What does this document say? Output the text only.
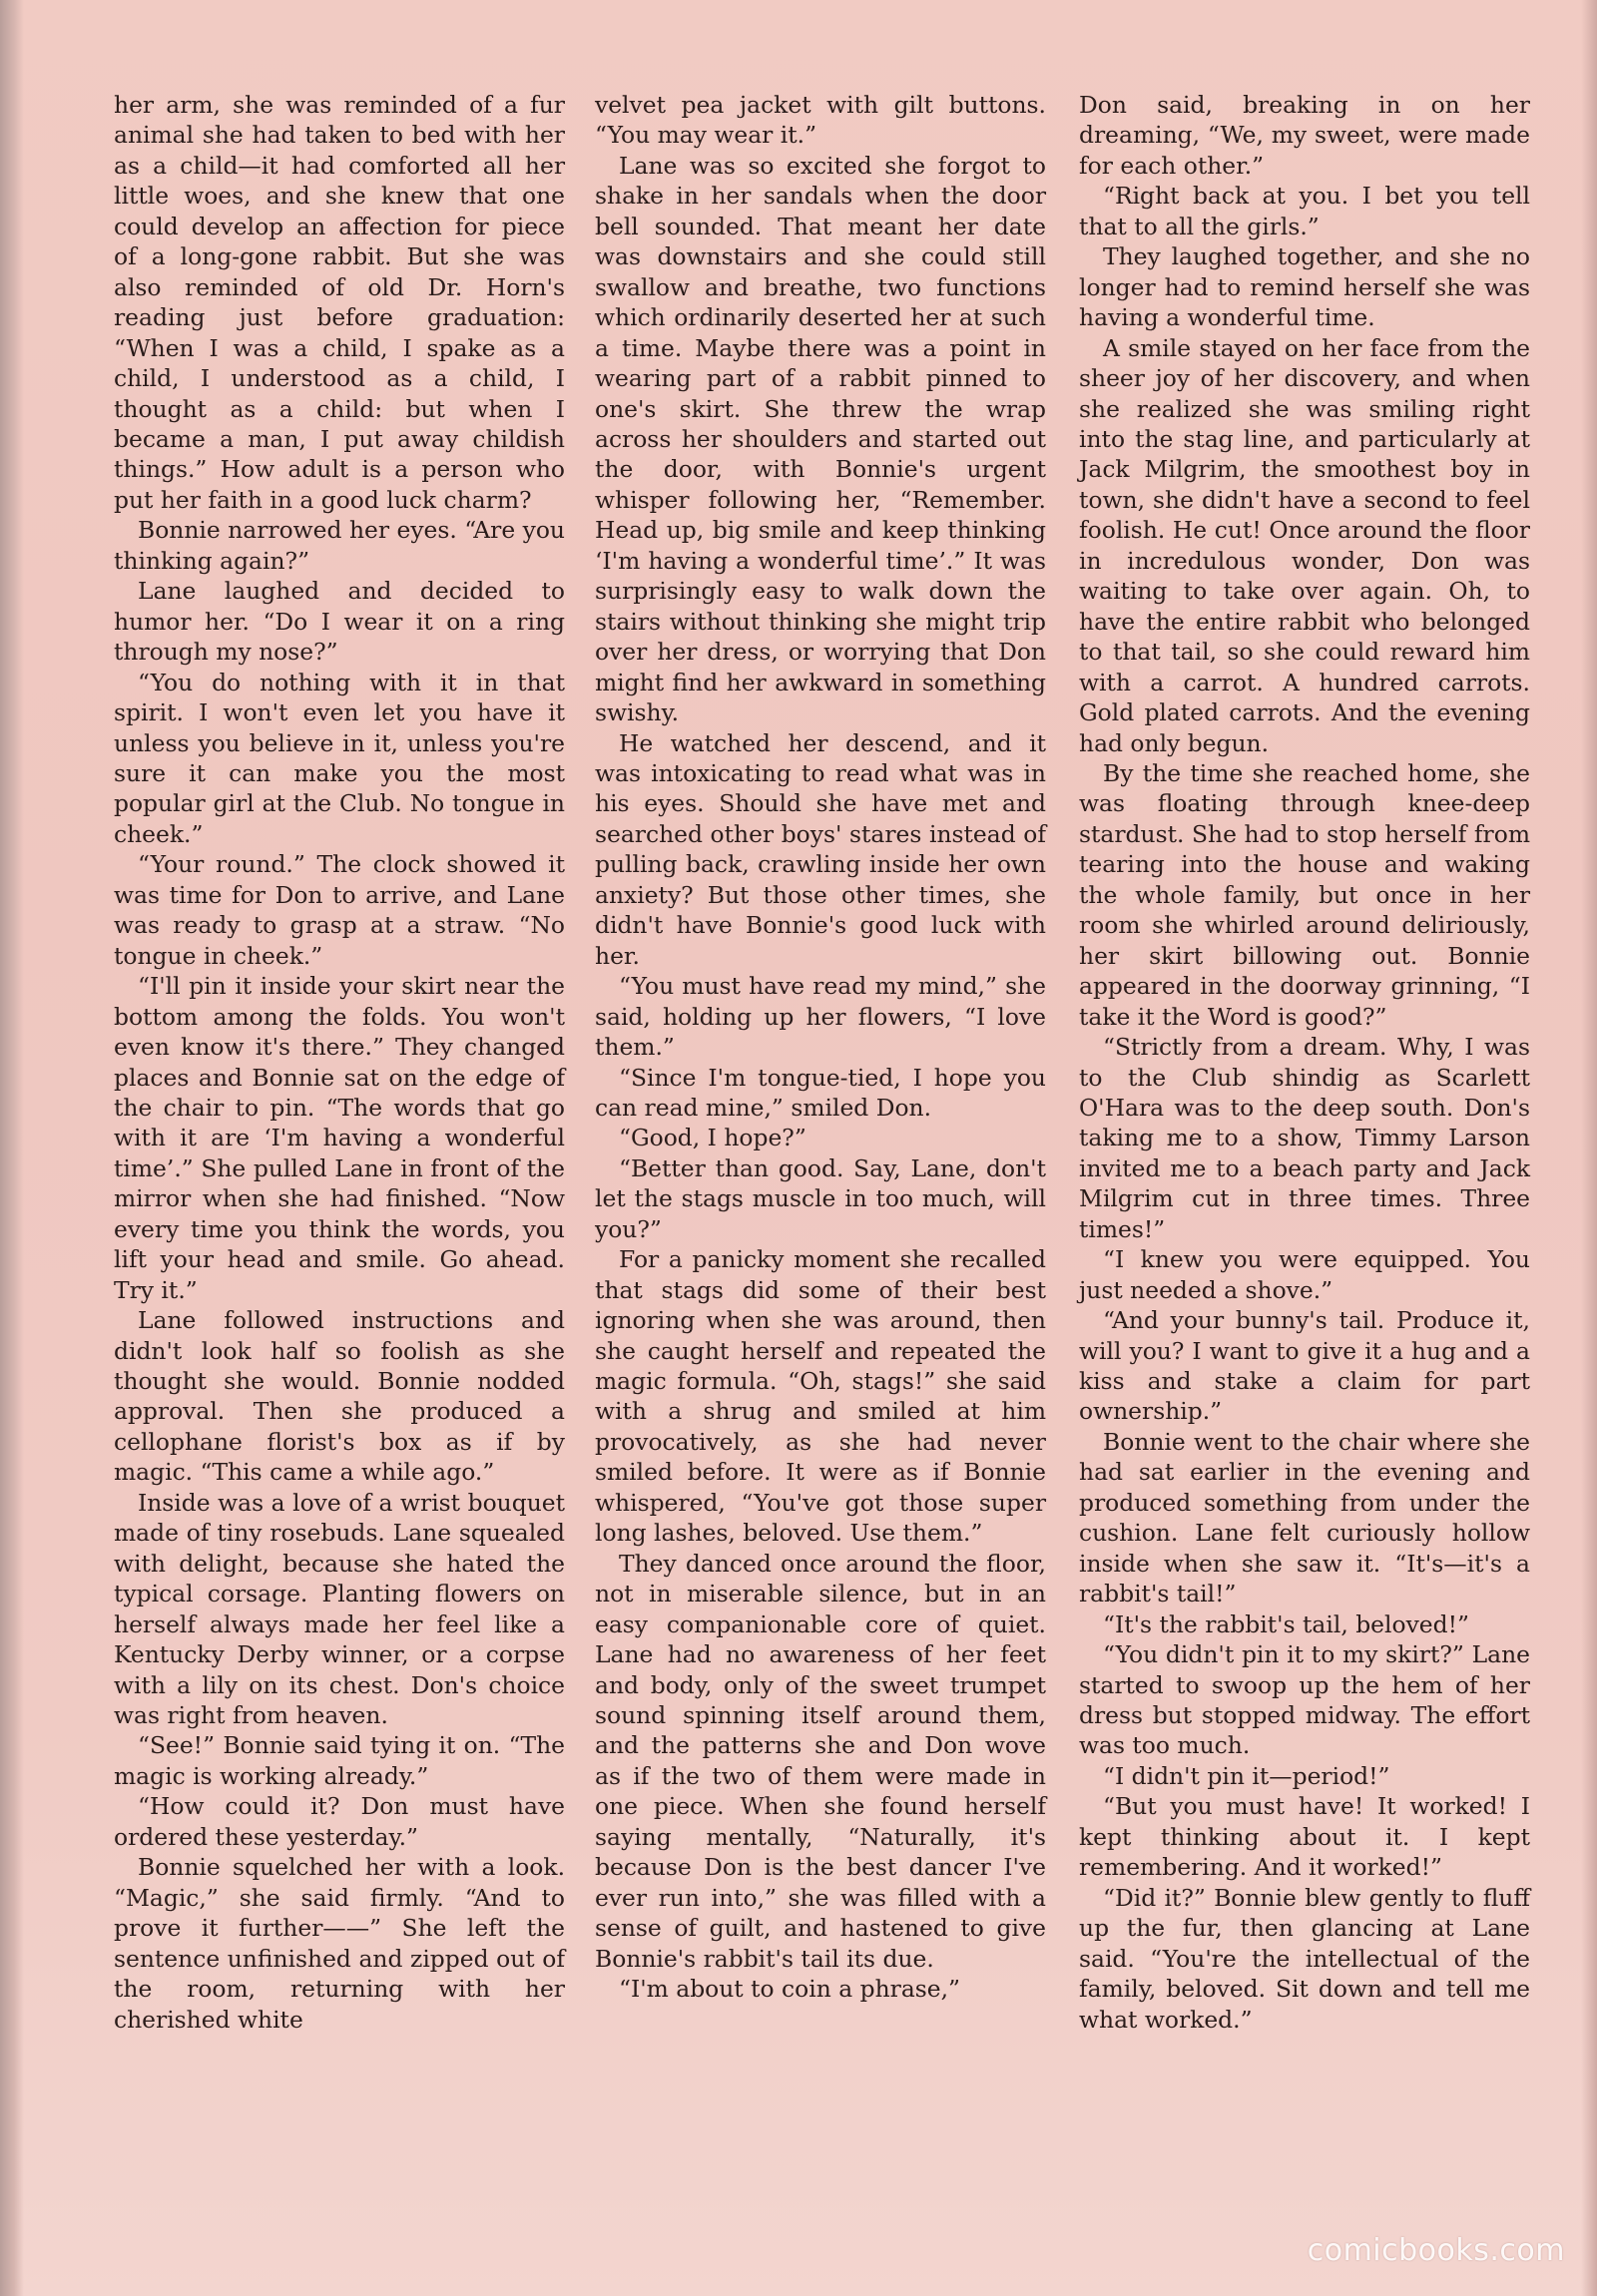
her arm, she was reminded of a fur animal she had taken to bed with her as a child—it had comforted all her little woes, and she knew that one could develop an affection for piece of a long-gone rabbit. But she was also reminded of old Dr. Horn's reading just before graduation: “When I was a child, I spake as a child, I understood as a child, I thought as a child: but when I became a man, I put away childish things.” How adult is a person who put her faith in a good luck charm?

Bonnie narrowed her eyes. “Are you thinking again?”

Lane laughed and decided to humor her. “Do I wear it on a ring through my nose?”

“You do nothing with it in that spirit. I won't even let you have it unless you believe in it, unless you're sure it can make you the most popular girl at the Club. No tongue in cheek.”

“Your round.” The clock showed it was time for Don to arrive, and Lane was ready to grasp at a straw. “No tongue in cheek.”

“I'll pin it inside your skirt near the bottom among the folds. You won't even know it's there.” They changed places and Bonnie sat on the edge of the chair to pin. “The words that go with it are ‘I'm having a wonderful time’.” She pulled Lane in front of the mirror when she had finished. “Now every time you think the words, you lift your head and smile. Go ahead. Try it.”

Lane followed instructions and didn't look half so foolish as she thought she would. Bonnie nodded approval. Then she produced a cellophane florist's box as if by magic. “This came a while ago.”

Inside was a love of a wrist bouquet made of tiny rosebuds. Lane squealed with delight, because she hated the typical corsage. Planting flowers on herself always made her feel like a Kentucky Derby winner, or a corpse with a lily on its chest. Don's choice was right from heaven.

“See!” Bonnie said tying it on. “The magic is working already.”

“How could it? Don must have ordered these yesterday.”

Bonnie squelched her with a look. “Magic,” she said firmly. “And to prove it further——” She left the sentence unfinished and zipped out of the room, returning with her cherished white

velvet pea jacket with gilt buttons. “You may wear it.”

Lane was so excited she forgot to shake in her sandals when the door bell sounded. That meant her date was downstairs and she could still swallow and breathe, two functions which ordinarily deserted her at such a time. Maybe there was a point in wearing part of a rabbit pinned to one's skirt. She threw the wrap across her shoulders and started out the door, with Bonnie's urgent whisper following her, “Remember. Head up, big smile and keep thinking ‘I'm having a wonderful time’.” It was surprisingly easy to walk down the stairs without thinking she might trip over her dress, or worrying that Don might find her awkward in something swishy.

He watched her descend, and it was intoxicating to read what was in his eyes. Should she have met and searched other boys' stares instead of pulling back, crawling inside her own anxiety? But those other times, she didn't have Bonnie's good luck with her.

“You must have read my mind,” she said, holding up her flowers, “I love them.”

“Since I'm tongue-tied, I hope you can read mine,” smiled Don.

“Good, I hope?”

“Better than good. Say, Lane, don't let the stags muscle in too much, will you?”

For a panicky moment she recalled that stags did some of their best ignoring when she was around, then she caught herself and repeated the magic formula. “Oh, stags!” she said with a shrug and smiled at him provocatively, as she had never smiled before. It were as if Bonnie whispered, “You've got those super long lashes, beloved. Use them.”

They danced once around the floor, not in miserable silence, but in an easy companionable core of quiet. Lane had no awareness of her feet and body, only of the sweet trumpet sound spinning itself around them, and the patterns she and Don wove as if the two of them were made in one piece. When she found herself saying mentally, “Naturally, it's because Don is the best dancer I've ever run into,” she was filled with a sense of guilt, and hastened to give Bonnie's rabbit's tail its due.

“I'm about to coin a phrase,”

Don said, breaking in on her dreaming, “We, my sweet, were made for each other.”

“Right back at you. I bet you tell that to all the girls.”

They laughed together, and she no longer had to remind herself she was having a wonderful time.

A smile stayed on her face from the sheer joy of her discovery, and when she realized she was smiling right into the stag line, and particularly at Jack Milgrim, the smoothest boy in town, she didn't have a second to feel foolish. He cut! Once around the floor in incredulous wonder, Don was waiting to take over again. Oh, to have the entire rabbit who belonged to that tail, so she could reward him with a carrot. A hundred carrots. Gold plated carrots. And the evening had only begun.

By the time she reached home, she was floating through knee-deep stardust. She had to stop herself from tearing into the house and waking the whole family, but once in her room she whirled around deliriously, her skirt billowing out. Bonnie appeared in the doorway grinning, “I take it the Word is good?”

“Strictly from a dream. Why, I was to the Club shindig as Scarlett O'Hara was to the deep south. Don's taking me to a show, Timmy Larson invited me to a beach party and Jack Milgrim cut in three times. Three times!”

“I knew you were equipped. You just needed a shove.”

“And your bunny's tail. Produce it, will you? I want to give it a hug and a kiss and stake a claim for part ownership.”

Bonnie went to the chair where she had sat earlier in the evening and produced something from under the cushion. Lane felt curiously hollow inside when she saw it. “It's—it's a rabbit's tail!”

“It's the rabbit's tail, beloved!”

“You didn't pin it to my skirt?” Lane started to swoop up the hem of her dress but stopped midway. The effort was too much.

“I didn't pin it—period!”

“But you must have! It worked! I kept thinking about it. I kept remembering. And it worked!”

“Did it?” Bonnie blew gently to fluff up the fur, then glancing at Lane said. “You're the intellectual of the family, beloved. Sit down and tell me what worked.”

comicbooks.com
